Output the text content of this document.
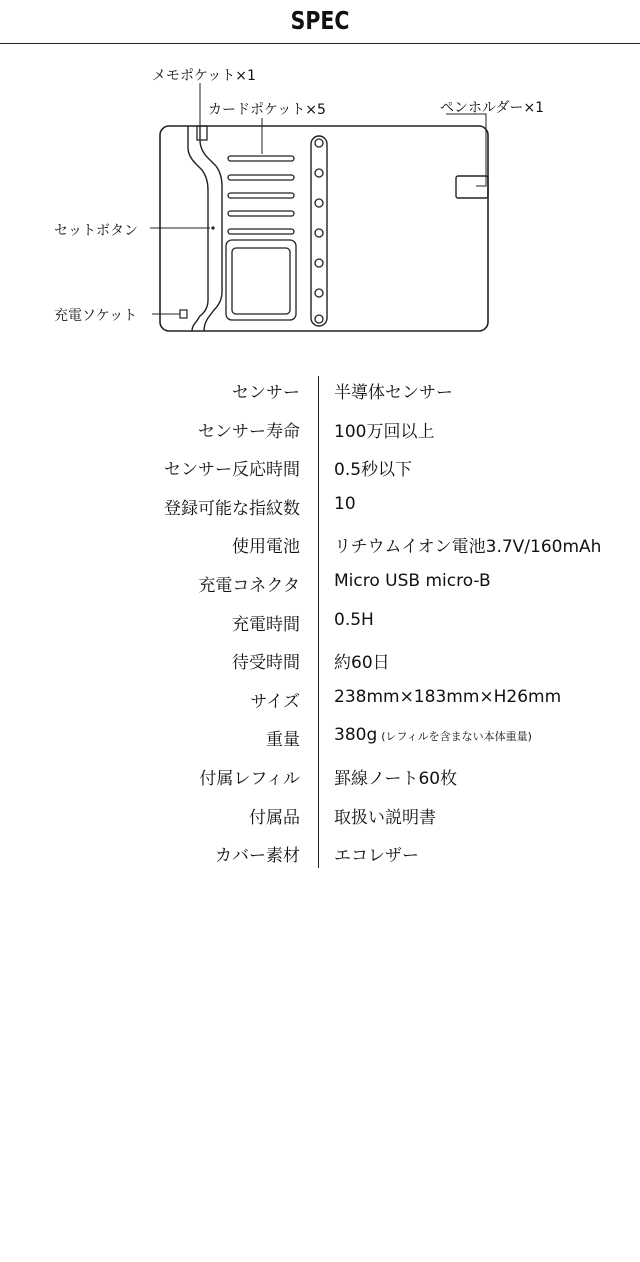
SPEC
メモポケット×1
カードポケット×5	ペンホルダー×1
セットボタン
充電ソケット
センサー 半導体センサー
センサー寿命 100万回以上
センサー反応時間 0.5秒以下
登録可能な指紋数 10
使用電池 リチウムイオン電池3.7V/160mAh
充電コネクタ Micro USB micro-B
充電時間 0.5H
待受時間 約60日
サイズ 238mm×183mm×H26mm
重量 380g (レフィルを含まない本体重量)
付属レフィル 罫線ノート60枚
付属品 取扱い説明書
カバー素材 エコレザー
